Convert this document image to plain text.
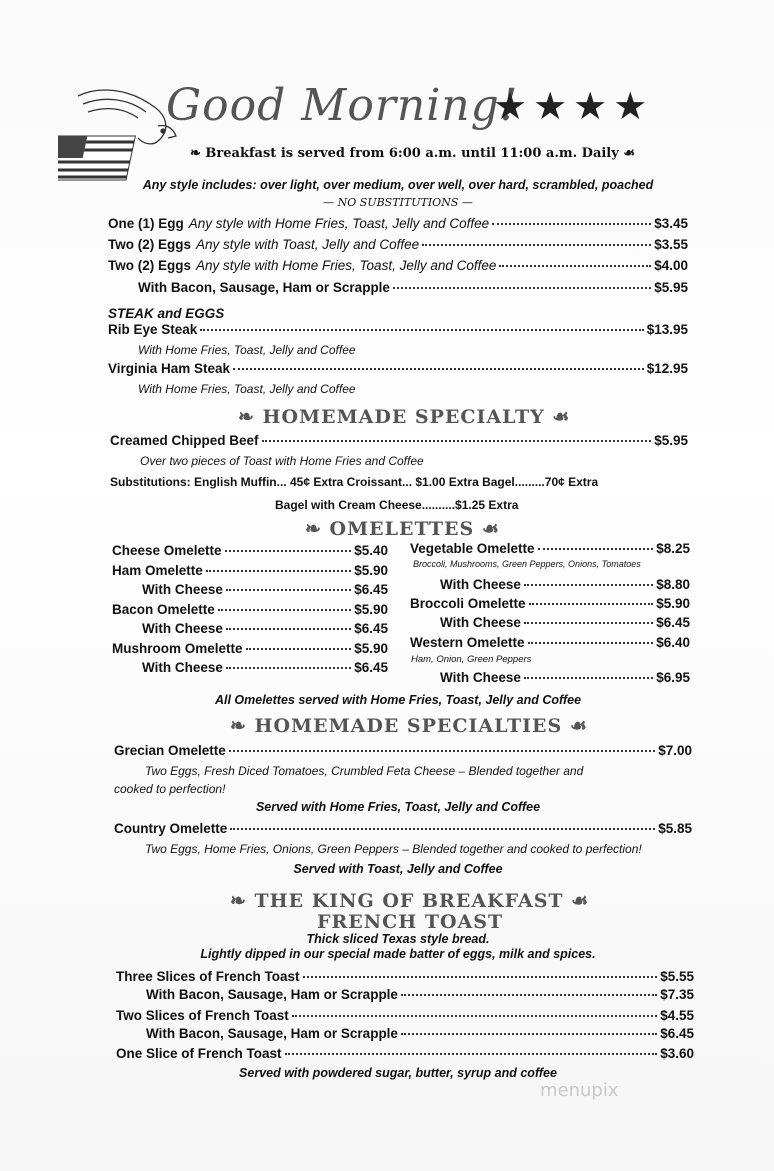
Good Morning!
★★★★
❧ Breakfast is served from 6:00 a.m. until 11:00 a.m. Daily ☙
Any style includes: over light, over medium, over well, over hard, scrambled, poached
— NO SUBSTITUTIONS —
One (1) Egg Any style with Home Fries, Toast, Jelly and Coffee	$3.45
Two (2) Eggs Any style with Toast, Jelly and Coffee	$3.55
Two (2) Eggs Any style with Home Fries, Toast, Jelly and Coffee	$4.00
With Bacon, Sausage, Ham or Scrapple	$5.95
STEAK and EGGS
Rib Eye Steak	$13.95
With Home Fries, Toast, Jelly and Coffee
Virginia Ham Steak	$12.95
With Home Fries, Toast, Jelly and Coffee
❧ HOMEMADE SPECIALTY ☙
Creamed Chipped Beef	$5.95
Over two pieces of Toast with Home Fries and Coffee
Substitutions: English Muffin... 45¢ Extra Croissant... $1.00 Extra Bagel.........70¢ Extra
Bagel with Cream Cheese..........$1.25 Extra
❧ OMELETTES ☙
Cheese Omelette	$5.40
Ham Omelette	$5.90
With Cheese	$6.45
Bacon Omelette	$5.90
With Cheese	$6.45
Mushroom Omelette	$5.90
With Cheese	$6.45
Vegetable Omelette	$8.25
Broccoli, Mushrooms, Green Peppers, Onions, Tomatoes
With Cheese	$8.80
Broccoli Omelette	$5.90
With Cheese	$6.45
Western Omelette	$6.40
Ham, Onion, Green Peppers
With Cheese	$6.95
All Omelettes served with Home Fries, Toast, Jelly and Coffee
❧ HOMEMADE SPECIALTIES ☙
Grecian Omelette	$7.00
Two Eggs, Fresh Diced Tomatoes, Crumbled Feta Cheese – Blended together and
cooked to perfection!
Served with Home Fries, Toast, Jelly and Coffee
Country Omelette	$5.85
Two Eggs, Home Fries, Onions, Green Peppers – Blended together and cooked to perfection!
Served with Toast, Jelly and Coffee
❧ THE KING OF BREAKFAST ☙
FRENCH TOAST
Thick sliced Texas style bread.
Lightly dipped in our special made batter of eggs, milk and spices.
Three Slices of French Toast	$5.55
With Bacon, Sausage, Ham or Scrapple	$7.35
Two Slices of French Toast	$4.55
With Bacon, Sausage, Ham or Scrapple	$6.45
One Slice of French Toast	$3.60
Served with powdered sugar, butter, syrup and coffee
menupix
